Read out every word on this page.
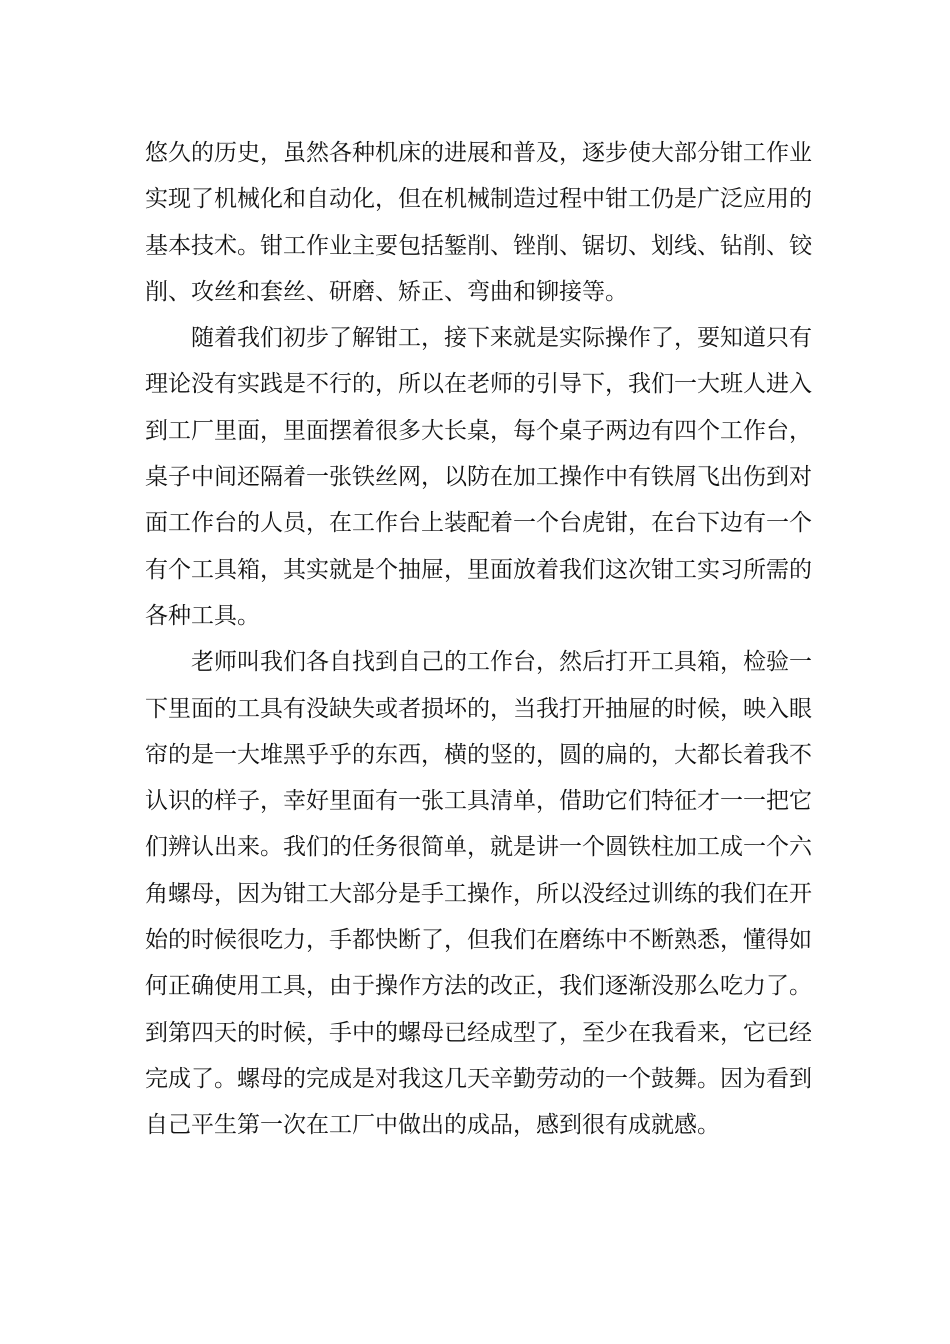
悠久的历史，虽然各种机床的进展和普及，逐步使大部分钳工作业
实现了机械化和自动化，但在机械制造过程中钳工仍是广泛应用的
基本技术。钳工作业主要包括錾削、锉削、锯切、划线、钻削、铰
削、攻丝和套丝、研磨、矫正、弯曲和铆接等。
随着我们初步了解钳工，接下来就是实际操作了，要知道只有
理论没有实践是不行的，所以在老师的引导下，我们一大班人进入
到工厂里面，里面摆着很多大长桌，每个桌子两边有四个工作台，
桌子中间还隔着一张铁丝网，以防在加工操作中有铁屑飞出伤到对
面工作台的人员，在工作台上装配着一个台虎钳，在台下边有一个
有个工具箱，其实就是个抽屉，里面放着我们这次钳工实习所需的
各种工具。
老师叫我们各自找到自己的工作台，然后打开工具箱，检验一
下里面的工具有没缺失或者损坏的，当我打开抽屉的时候，映入眼
帘的是一大堆黑乎乎的东西，横的竖的，圆的扁的，大都长着我不
认识的样子，幸好里面有一张工具清单，借助它们特征才一一把它
们辨认出来。我们的任务很简单，就是讲一个圆铁柱加工成一个六
角螺母，因为钳工大部分是手工操作，所以没经过训练的我们在开
始的时候很吃力，手都快断了，但我们在磨练中不断熟悉，懂得如
何正确使用工具，由于操作方法的改正，我们逐渐没那么吃力了。
到第四天的时候，手中的螺母已经成型了，至少在我看来，它已经
完成了。螺母的完成是对我这几天辛勤劳动的一个鼓舞。因为看到
自己平生第一次在工厂中做出的成品，感到很有成就感。
